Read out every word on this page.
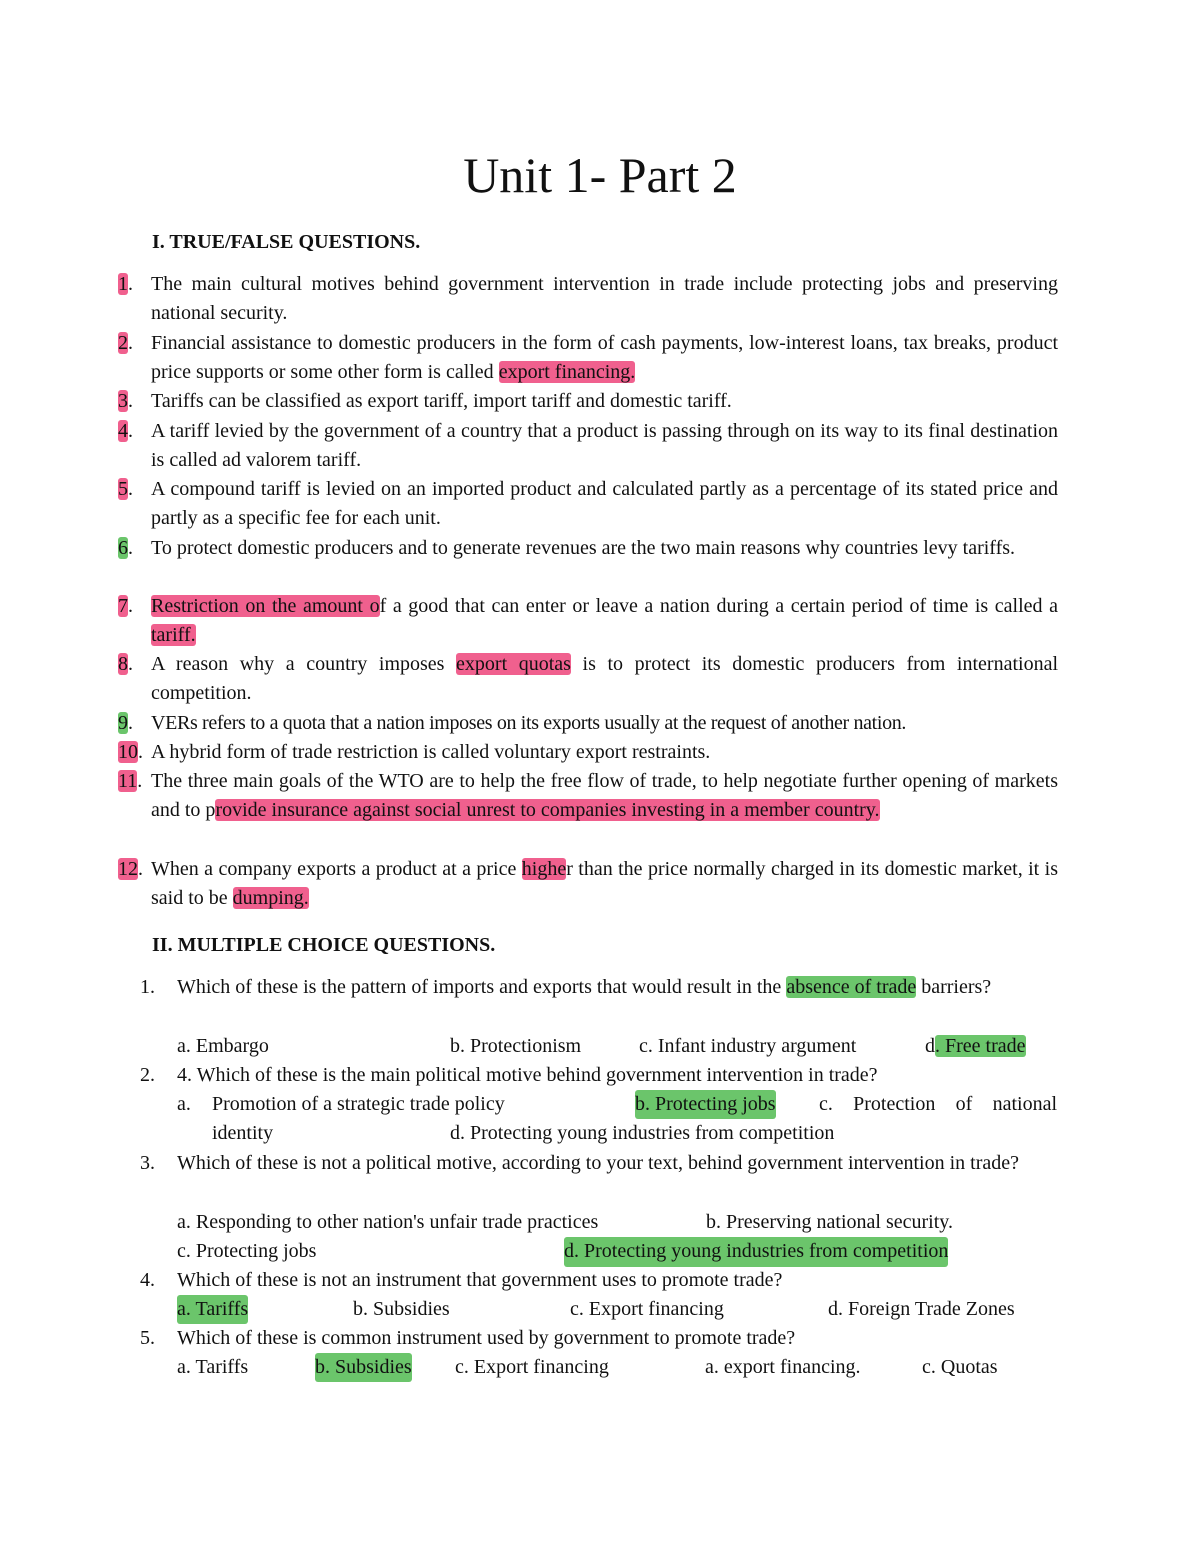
Unit 1- Part 2
I. TRUE/FALSE QUESTIONS.
1. The main cultural motives behind government intervention in trade include protecting jobs and preserving national security.
2. Financial assistance to domestic producers in the form of cash payments, low-interest loans, tax breaks, product price supports or some other form is called export financing.
3. Tariffs can be classified as export tariff, import tariff and domestic tariff.
4. A tariff levied by the government of a country that a product is passing through on its way to its final destination is called ad valorem tariff.
5. A compound tariff is levied on an imported product and calculated partly as a percentage of its stated price and partly as a specific fee for each unit.
6. To protect domestic producers and to generate revenues are the two main reasons why countries levy tariffs.
7. Restriction on the amount of a good that can enter or leave a nation during a certain period of time is called a tariff.
8. A reason why a country imposes export quotas is to protect its domestic producers from international competition.
9. VERs refers to a quota that a nation imposes on its exports usually at the request of another nation.
10. A hybrid form of trade restriction is called voluntary export restraints.
11. The three main goals of the WTO are to help the free flow of trade, to help negotiate further opening of markets and to provide insurance against social unrest to companies investing in a member country.
12. When a company exports a product at a price higher than the price normally charged in its domestic market, it is said to be dumping.
II. MULTIPLE CHOICE QUESTIONS.
1. Which of these is the pattern of imports and exports that would result in the absence of trade barriers?
a. Embargo	b. Protectionism	c. Infant industry argument	d. Free trade
2. 4. Which of these is the main political motive behind government intervention in trade?
a. Promotion of a strategic trade policy	b. Protecting jobs c. Protection of national
identity	d. Protecting young industries from competition
3. Which of these is not a political motive, according to your text, behind government intervention in trade?
a. Responding to other nation's unfair trade practices	b. Preserving national security.
c. Protecting jobs	d. Protecting young industries from competition
4. Which of these is not an instrument that government uses to promote trade?
a. Tariffs	b. Subsidies	c. Export financing	d. Foreign Trade Zones
5. Which of these is common instrument used by government to promote trade?
a. Tariffs	b. Subsidies c. Export financing	a. export financing.	c. Quotas
